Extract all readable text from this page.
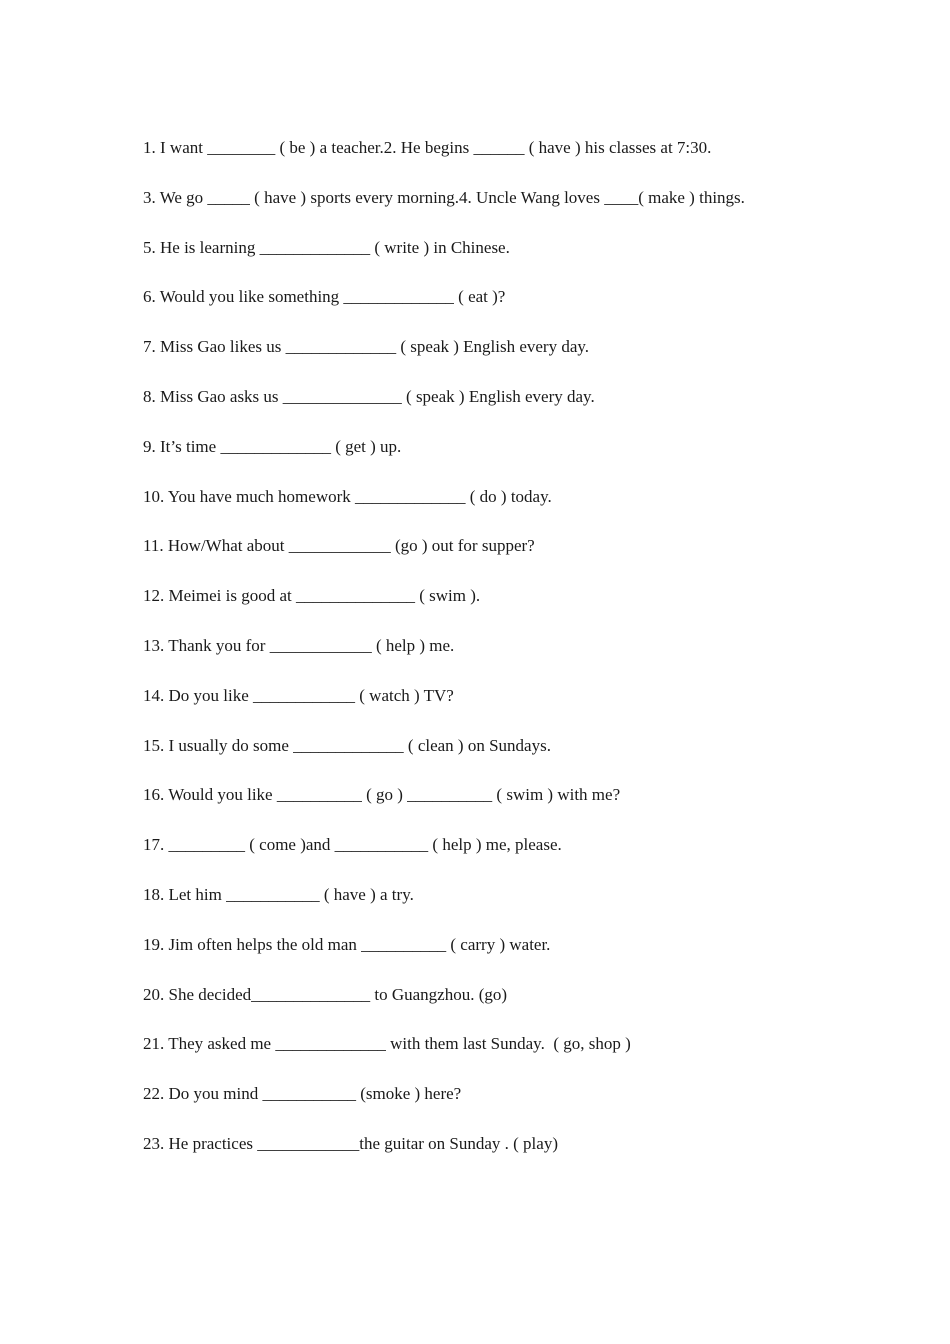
1. I want ________ ( be ) a teacher.2. He begins ______ ( have ) his classes at 7:30.
3. We go _____ ( have ) sports every morning.4. Uncle Wang loves ____( make ) things.
5. He is learning _____________ ( write ) in Chinese.
6. Would you like something _____________ ( eat )?
7. Miss Gao likes us _____________ ( speak ) English every day.
8. Miss Gao asks us ______________ ( speak ) English every day.
9. It’s time _____________ ( get ) up.
10. You have much homework _____________ ( do ) today.
11. How/What about ____________ (go ) out for supper?
12. Meimei is good at ______________ ( swim ).
13. Thank you for ____________ ( help ) me.
14. Do you like ____________ ( watch ) TV?
15. I usually do some _____________ ( clean ) on Sundays.
16. Would you like __________ ( go ) __________ ( swim ) with me?
17. _________ ( come )and ___________ ( help ) me, please.
18. Let him ___________ ( have ) a try.
19. Jim often helps the old man __________ ( carry ) water.
20. She decided______________ to Guangzhou. (go)
21. They asked me _____________ with them last Sunday.  ( go, shop )
22. Do you mind ___________ (smoke ) here?
23. He practices ____________the guitar on Sunday . ( play)
